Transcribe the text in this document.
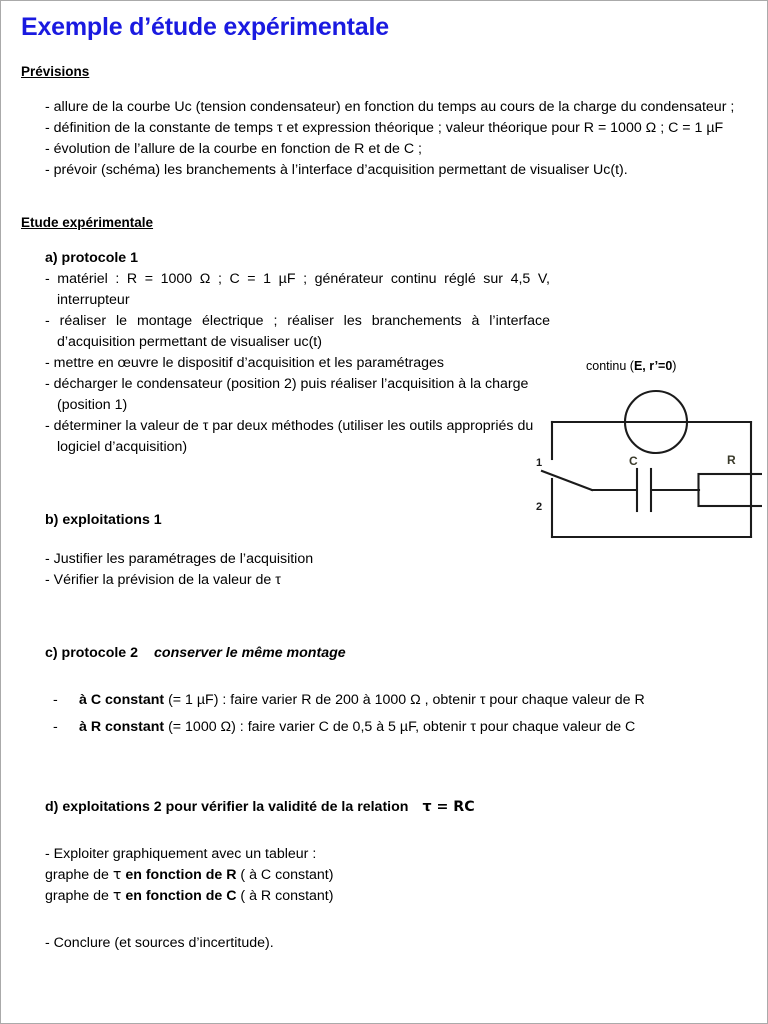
Exemple d’étude expérimentale
Prévisions

- allure de la courbe Uc (tension condensateur) en fonction du temps au cours de la charge du condensateur ;

- définition de la constante de temps τ et expression théorique ; valeur théorique pour R = 1000 Ω ; C = 1 µF

- évolution de l’allure de la courbe en fonction de R et de C ;

- prévoir (schéma) les branchements à l’interface d’acquisition permettant de visualiser Uc(t).

Etude expérimentale

a) protocole 1

- matériel : R = 1000 Ω ; C = 1 µF ; générateur continu réglé sur 4,5 V, interrupteur

- réaliser le montage électrique ; réaliser les branchements à l’interface d’acquisition permettant de visualiser uc(t)

- mettre en œuvre le dispositif d’acquisition et les paramétrages

- décharger le condensateur (position 2) puis réaliser l’acquisition à la charge (position 1)

- déterminer la valeur de τ par deux méthodes (utiliser les outils appropriés du logiciel d’acquisition)

b) exploitations 1

- Justifier les paramétrages de l’acquisition

- Vérifier la prévision de la valeur de τ

c) protocole 2 conserver le même montage

- à C constant (= 1 µF) : faire varier R de 200 à 1000 Ω , obtenir τ pour chaque valeur de R
- à R constant (= 1000 Ω) : faire varier C de 0,5 à 5 µF, obtenir τ pour chaque valeur de C

d) exploitations 2 pour vérifier la validité de la relation τ = RC

- Exploiter graphiquement avec un tableur :

graphe de τ en fonction de R ( à C constant)

graphe de τ en fonction de C ( à R constant)

- Conclure (et sources d’incertitude).

continu (E, r’=0)
1
2
C	R
